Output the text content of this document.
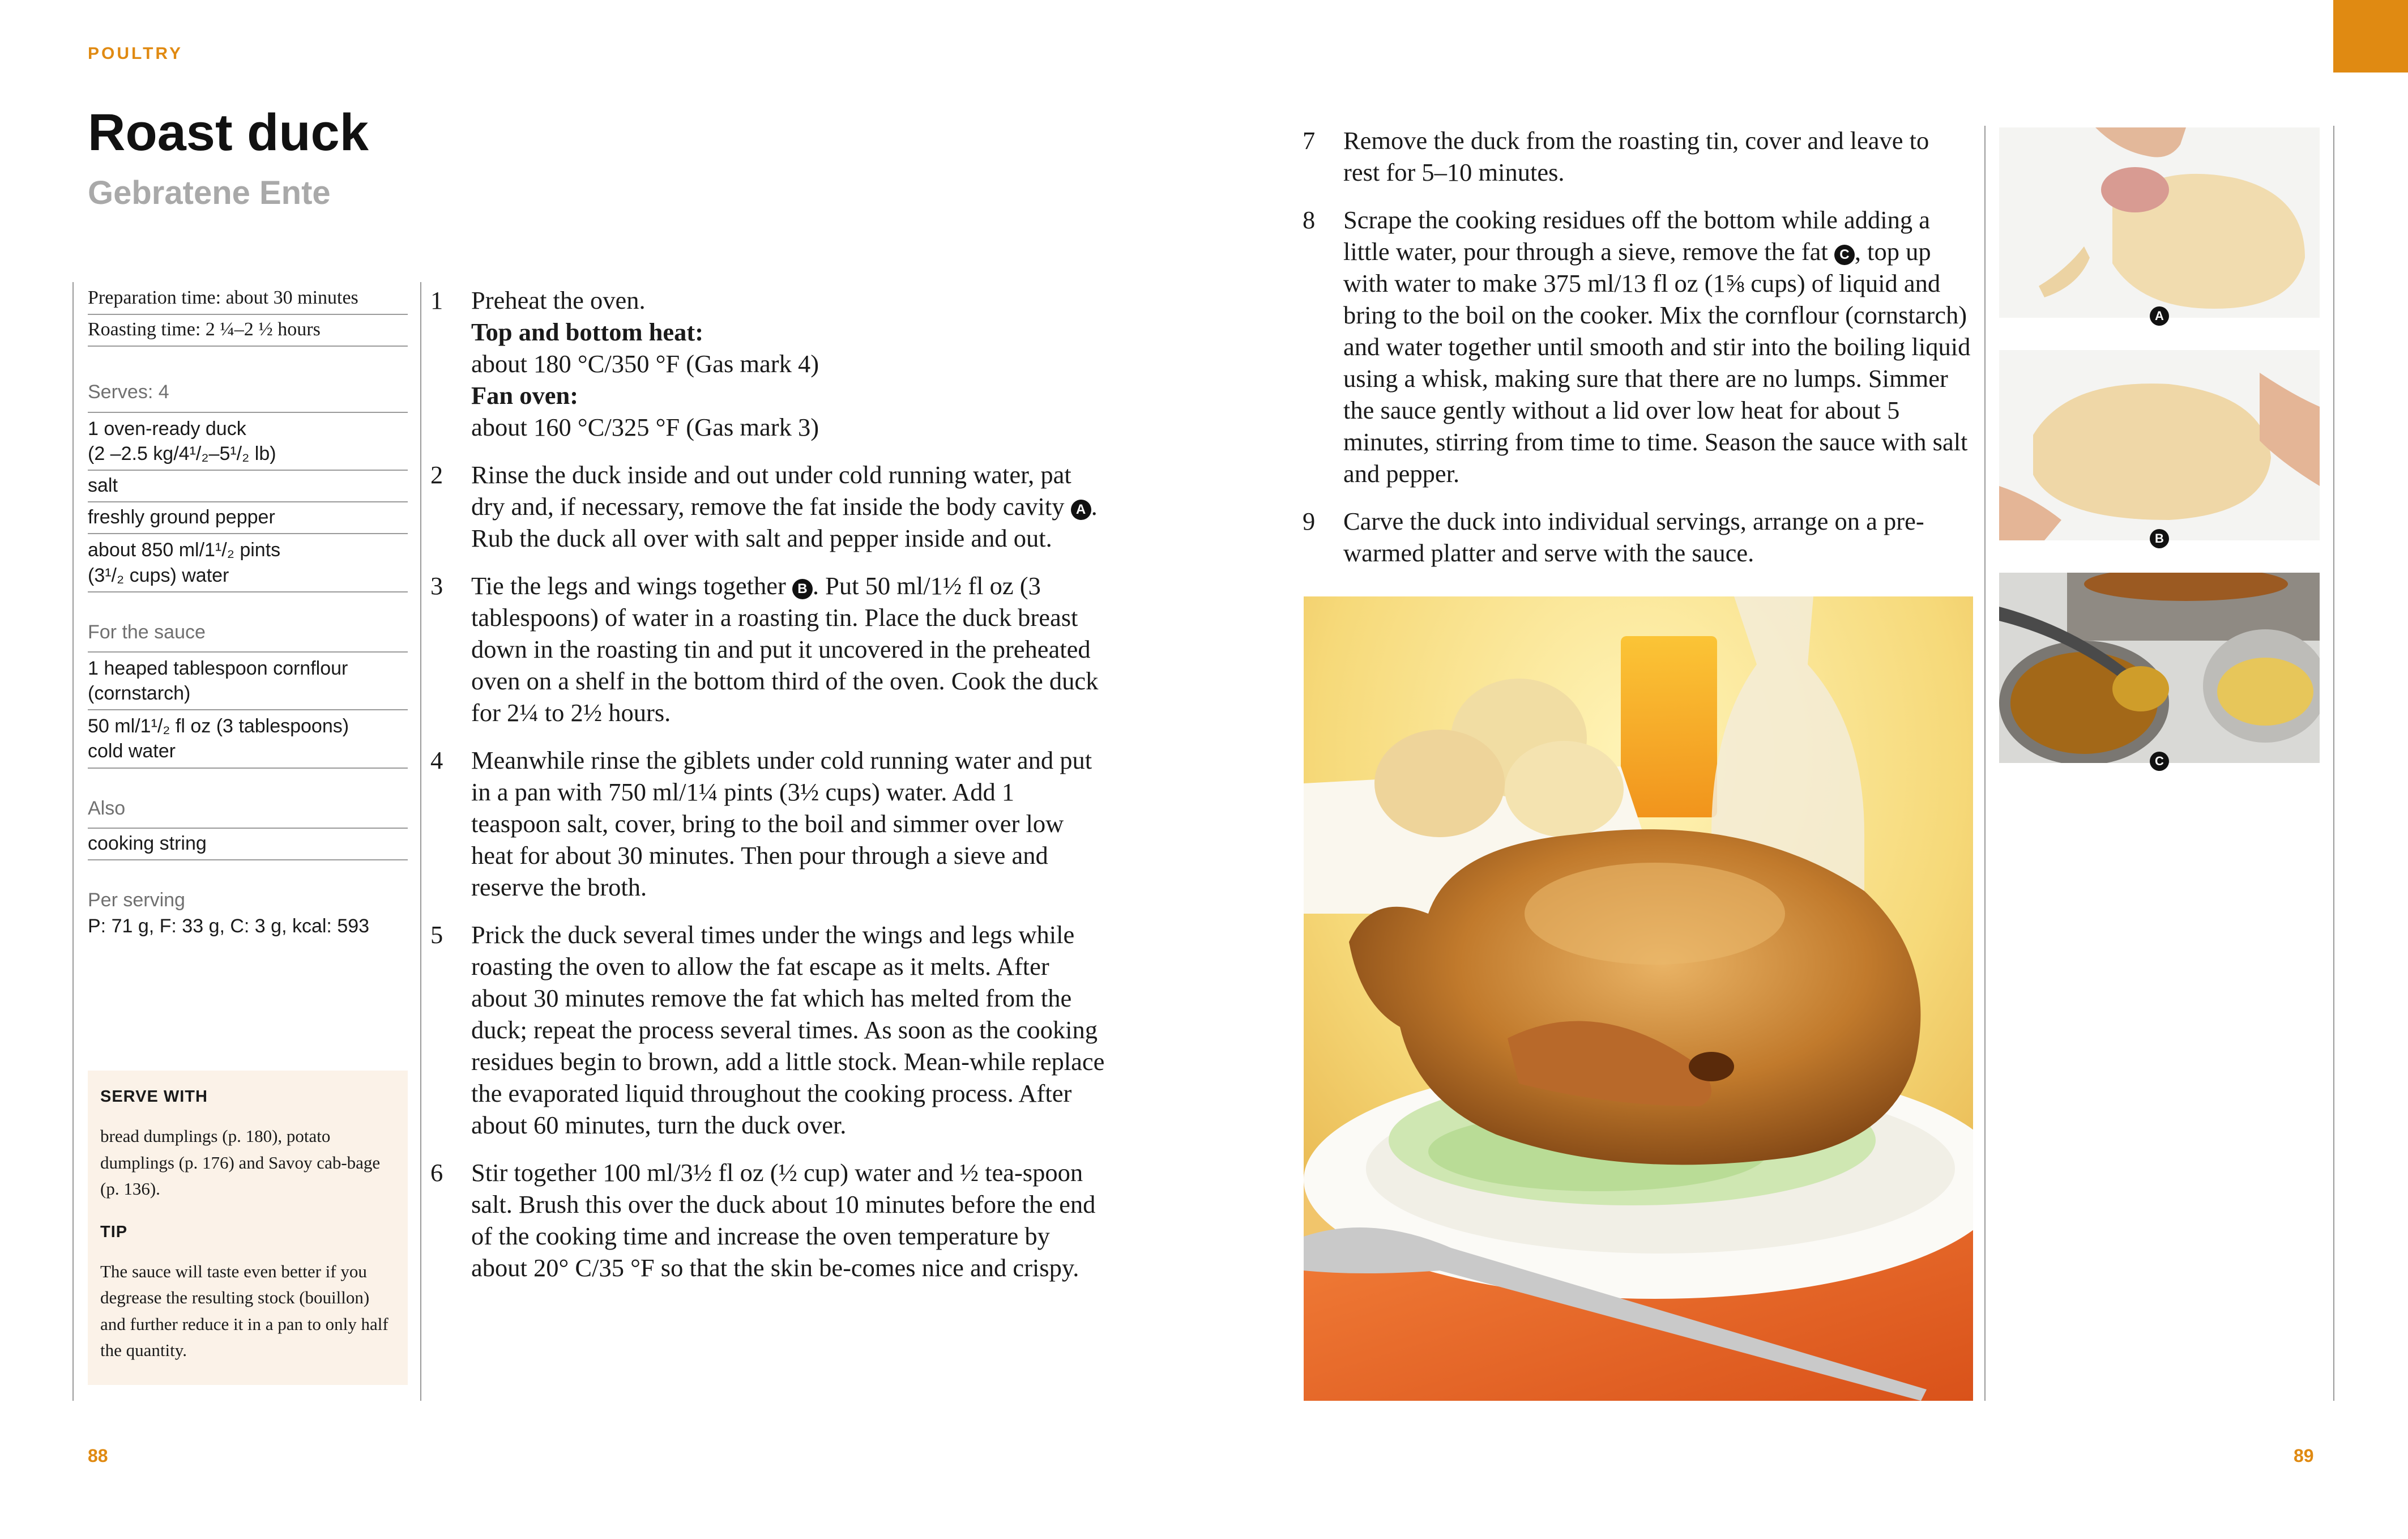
POULTRY
Roast duck
Gebratene Ente
Preparation time: about 30 minutes
Roasting time: 2 ¼–2 ½ hours
Serves: 4
1 oven-ready duck
(2 –2.5 kg/4¹/₂–5¹/₂ lb)
salt
freshly ground pepper
about 850 ml/1¹/₂ pints
(3¹/₂ cups) water
For the sauce
1 heaped tablespoon cornflour
(cornstarch)
50 ml/1¹/₂ fl oz (3 tablespoons)
cold water
Also
cooking string
Per serving
P: 71 g, F: 33 g, C: 3 g, kcal: 593
SERVE WITH

bread dumplings (p. 180), potato dumplings (p. 176) and Savoy cab-bage (p. 136).

TIP

The sauce will taste even better if you degrease the resulting stock (bouillon) and further reduce it in a pan to only half the quantity.

1 Preheat the oven.

Top and bottom heat:

about 180 °C/350 °F (Gas mark 4)

Fan oven:

about 160 °C/325 °F (Gas mark 3)

2 Rinse the duck inside and out under cold running water, pat dry and, if necessary, remove the fat inside the body cavity A . Rub the duck all over with salt and pepper inside and out.

3 Tie the legs and wings together B . Put 50 ml/1½ fl oz (3 tablespoons) of water in a roasting tin. Place the duck breast down in the roasting tin and put it uncovered in the preheated oven on a shelf in the bottom third of the oven. Cook the duck for 2¼ to 2½ hours.

4 Meanwhile rinse the giblets under cold running water and put in a pan with 750 ml/1¼ pints (3½ cups) water. Add 1 teaspoon salt, cover, bring to the boil and simmer over low heat for about 30 minutes. Then pour through a sieve and reserve the broth.

5 Prick the duck several times under the wings and legs while roasting the oven to allow the fat escape as it melts. After about 30 minutes remove the fat which has melted from the duck; repeat the process several times. As soon as the cooking residues begin to brown, add a little stock. Mean-while replace the evaporated liquid throughout the cooking process. After about 60 minutes, turn the duck over.

6 Stir together 100 ml/3½ fl oz (½ cup) water and ½ tea-spoon salt. Brush this over the duck about 10 minutes before the end of the cooking time and increase the oven temperature by about 20° C/35 °F so that the skin be-comes nice and crispy.

7 Remove the duck from the roasting tin, cover and leave to rest for 5–10 minutes.

8 Scrape the cooking residues off the bottom while adding a little water, pour through a sieve, remove the fat C , top up with water to make 375 ml/13 fl oz (1⅝ cups) of liquid and bring to the boil on the cooker. Mix the cornflour (cornstarch) and water together until smooth and stir into the boiling liquid using a whisk, making sure that there are no lumps. Simmer the sauce gently without a lid over low heat for about 5 minutes, stirring from time to time. Season the sauce with salt and pepper.

9 Carve the duck into individual servings, arrange on a pre-warmed platter and serve with the sauce.

A
B
C
88	89
